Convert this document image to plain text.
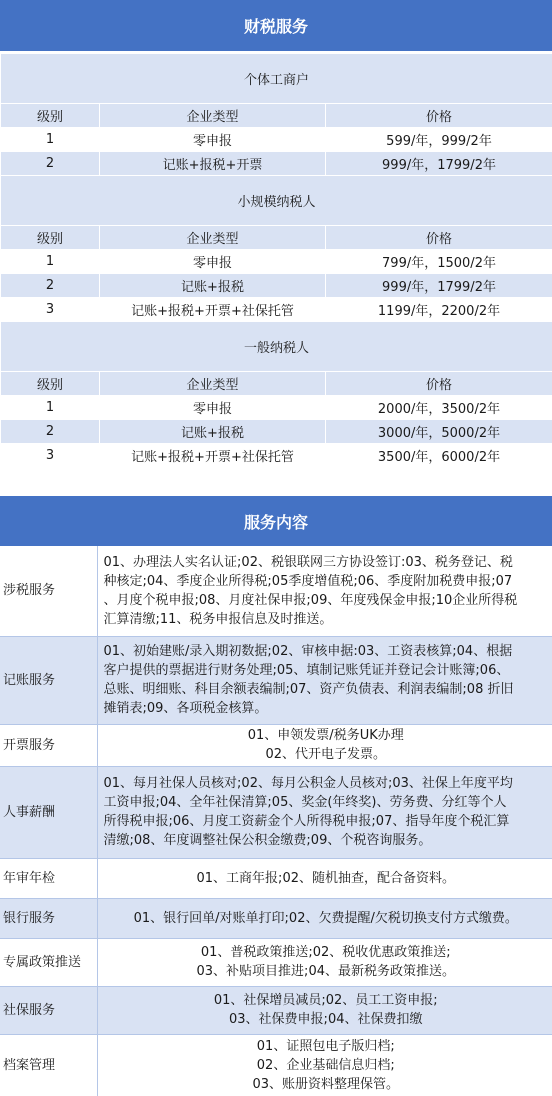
财税服务
个体工商户		
级别	企业类型	价格
1	零申报	599/年，999/2年
2	记账+报税+开票	999/年，1799/2年
小规模纳税人		
级别	企业类型	价格
1	零申报	799/年，1500/2年
2	记账+报税	999/年，1799/2年
3	记账+报税+开票+社保托管	1199/年，2200/2年
一般纳税人		
级别	企业类型	价格
1	零申报	2000/年，3500/2年
2	记账+报税	3000/年，5000/2年
3	记账+报税+开票+社保托管	3500/年，6000/2年

服务内容
涉税服务	01、办理法人实名认证;02、税银联网三方协设签订:03、税务登记、税
种核定;04、季度企业所得税;05季度增值税;06、季度附加税费申报;07
、月度个税申报;08、月度社保申报;09、年度残保金申报;10企业所得税
汇算清缴;11、税务申报信息及时推送。

记账服务	01、初始建账/录入期初数据;02、审核申据:03、工资表核算;04、根据
客户提供的票据进行财务处理;05、填制记账凭证并登记会计账簿;06、
总账、明细账、科目余额表编制;07、资产负债表、利润表编制;08 折旧
摊销表;09、各项税金核算。

开票服务	01、申领发票/税务UK办理
02、代开电子发票。

人事薪酬	01、每月社保人员核对;02、每月公积金人员核对;03、社保上年度平均
工资申报;04、全年社保清算;05、奖金(年终奖)、劳务费、分红等个人
所得税申报;06、月度工资薪金个人所得税申报;07、指导年度个税汇算
清缴;08、年度调整社保公积金缴费;09、个税咨询服务。

年审年检	01、工商年报;02、随机抽查，配合备资料。

银行服务	01、银行回单/对账单打印;02、欠费提醒/欠税切换支付方式缴费。

专属政策推送	01、普税政策推送;02、税收优惠政策推送;
03、补贴项目推进;04、最新税务政策推送。

社保服务	01、社保增员减员;02、员工工资申报;
03、社保费申报;04、社保费扣缴

档案管理	01、证照包电子版归档;
02、企业基础信息归档;
03、账册资料整理保管。
